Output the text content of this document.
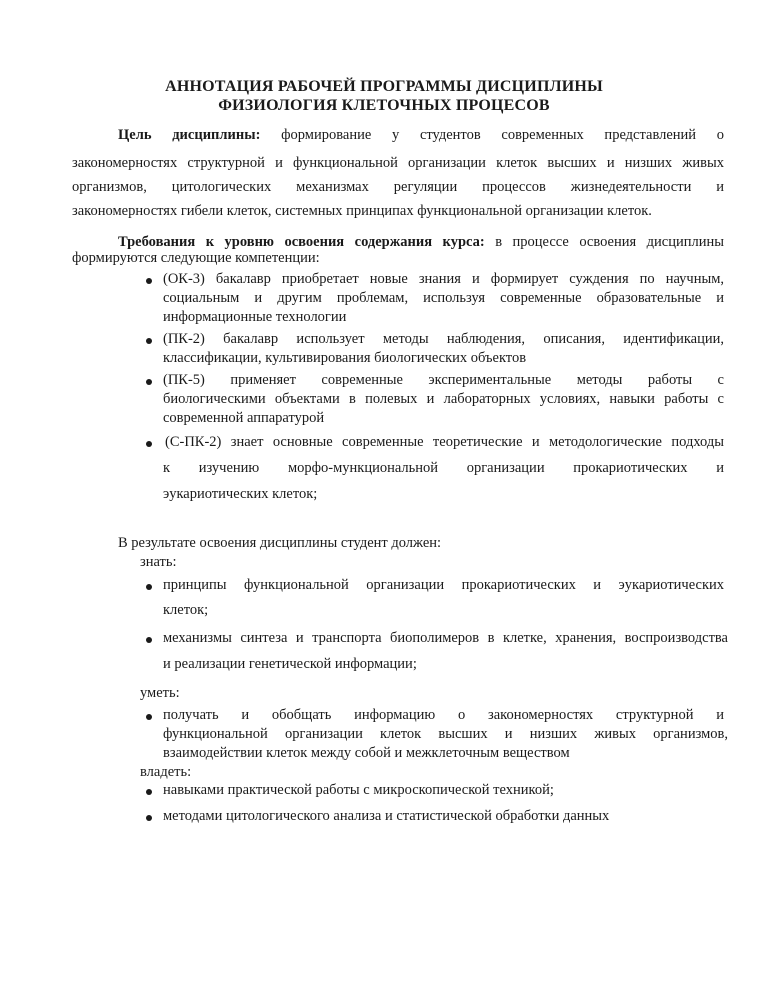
АННОТАЦИЯ РАБОЧЕЙ ПРОГРАММЫ ДИСЦИПЛИНЫ
ФИЗИОЛОГИЯ КЛЕТОЧНЫХ ПРОЦЕСОВ
Цель дисциплины: формирование у студентов современных представлений о
закономерностях структурной и функциональной организации клеток высших и низших живых
организмов, цитологических механизмах регуляции процессов жизнедеятельности и
закономерностях гибели клеток, системных принципах функциональной организации клеток.
Требования к уровню освоения содержания курса: в процессе освоения дисциплины
формируются следующие компетенции:
(ОК-3) бакалавр приобретает новые знания и формирует суждения по научным,
социальным и другим проблемам, используя современные образовательные и
информационные технологии
(ПК-2) бакалавр использует методы наблюдения, описания, идентификации,
классификации, культивирования биологических объектов
(ПК-5) применяет современные экспериментальные методы работы с
биологическими объектами в полевых и лабораторных условиях, навыки работы с
современной аппаратурой
(С-ПК-2) знает основные современные теоретические и методологические подходы
к изучению морфо-мункциональной организации прокариотических и
эукариотических клеток;
В результате освоения дисциплины студент должен:
знать:
принципы функциональной организации прокариотических и эукариотических
клеток;
механизмы синтеза и транспорта биополимеров в клетке, хранения, воспроизводства
и реализации генетической информации;
уметь:
получать и обобщать информацию о закономерностях структурной и
функциональной организации клеток высших и низших живых организмов,
взаимодействии клеток между собой и межклеточным веществом
владеть:
навыками практической работы с микроскопической техникой;
методами цитологического анализа и статистической обработки данных
